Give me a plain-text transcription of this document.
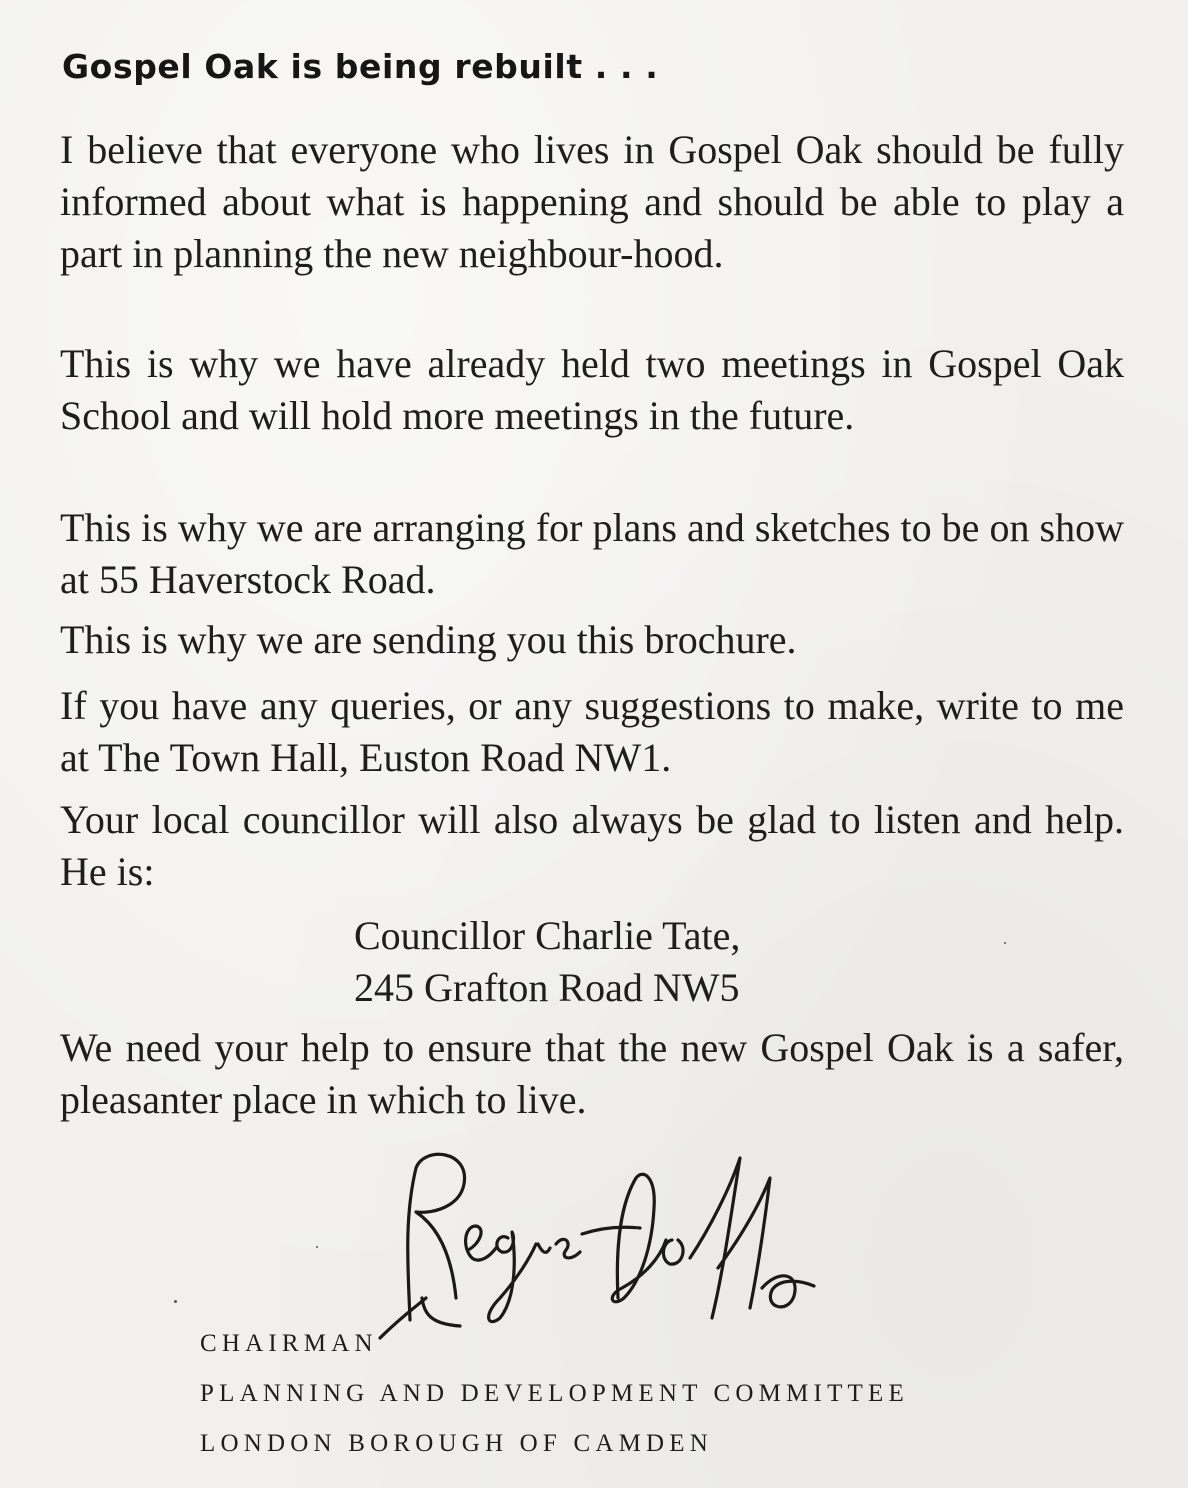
Gospel Oak is being rebuilt . . .

I believe that everyone who lives in Gospel Oak should be fully informed about what is happening and should be able to play a part in planning the new neighbour-hood.

This is why we have already held two meetings in Gospel Oak School and will hold more meetings in the future.

This is why we are arranging for plans and sketches to be on show at 55 Haverstock Road.

This is why we are sending you this brochure.

If you have any queries, or any suggestions to make, write to me at The Town Hall, Euston Road NW1.

Your local councillor will also always be glad to listen and help. He is:

Councillor Charlie Tate,
245 Grafton Road NW5

We need your help to ensure that the new Gospel Oak is a safer, pleasanter place in which to live.

CHAIRMAN
PLANNING AND DEVELOPMENT COMMITTEE
LONDON BOROUGH OF CAMDEN
